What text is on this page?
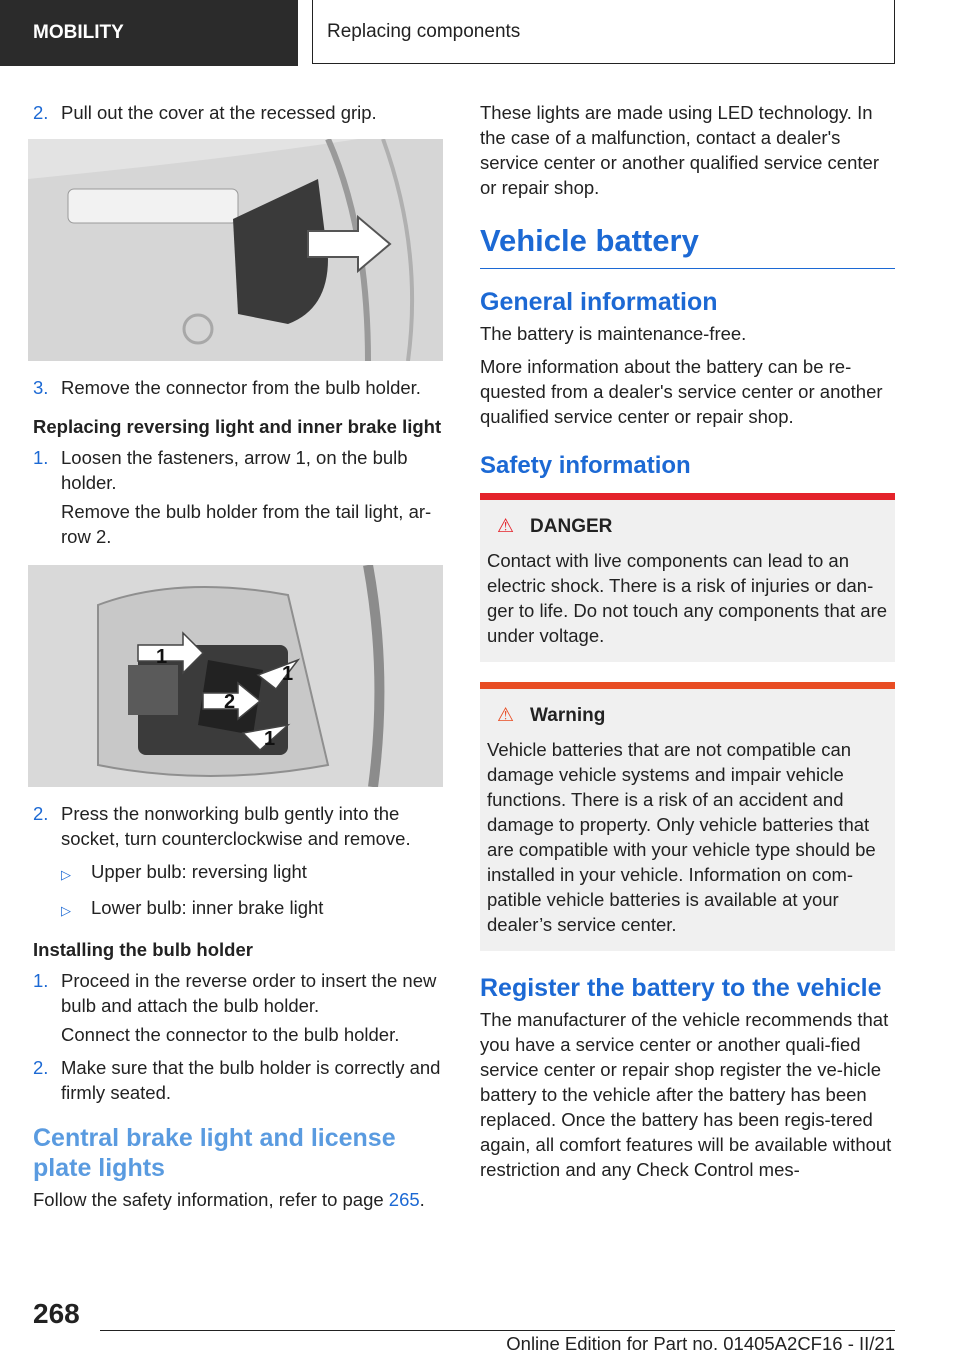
MOBILITY	Replacing components
2. Pull out the cover at the recessed grip.
3. Remove the connector from the bulb holder.
Replacing reversing light and inner brake light
1. Loosen the fasteners, arrow 1, on the bulb holder.
Remove the bulb holder from the tail light, ar‐row 2.
1
1
2
1
2. Press the nonworking bulb gently into the socket, turn counterclockwise and remove.
▷	Upper bulb: reversing light
▷	Lower bulb: inner brake light
Installing the bulb holder
1. Proceed in the reverse order to insert the new bulb and attach the bulb holder.
Connect the connector to the bulb holder.
2. Make sure that the bulb holder is correctly and firmly seated.
Central brake light and license plate lights
Follow the safety information, refer to page 265.
These lights are made using LED technology. In the case of a malfunction, contact a dealer's service center or another qualified service center or repair shop.
Vehicle battery
General information
The battery is maintenance-free.
More information about the battery can be re‐quested from a dealer's service center or another qualified service center or repair shop.
Safety information
⚠ DANGER
Contact with live components can lead to an electric shock. There is a risk of injuries or dan‐ger to life. Do not touch any components that are under voltage.
⚠ Warning
Vehicle batteries that are not compatible can damage vehicle systems and impair vehicle functions. There is a risk of an accident and damage to property. Only vehicle batteries that are compatible with your vehicle type should be installed in your vehicle. Information on com‐patible vehicle batteries is available at your dealer’s service center.
Register the battery to the vehicle
The manufacturer of the vehicle recommends that you have a service center or another quali‐fied service center or repair shop register the ve‐hicle battery to the vehicle after the battery has been replaced. Once the battery has been regis‐tered again, all comfort features will be available without restriction and any Check Control mes-
268
Online Edition for Part no. 01405A2CF16 - II/21
